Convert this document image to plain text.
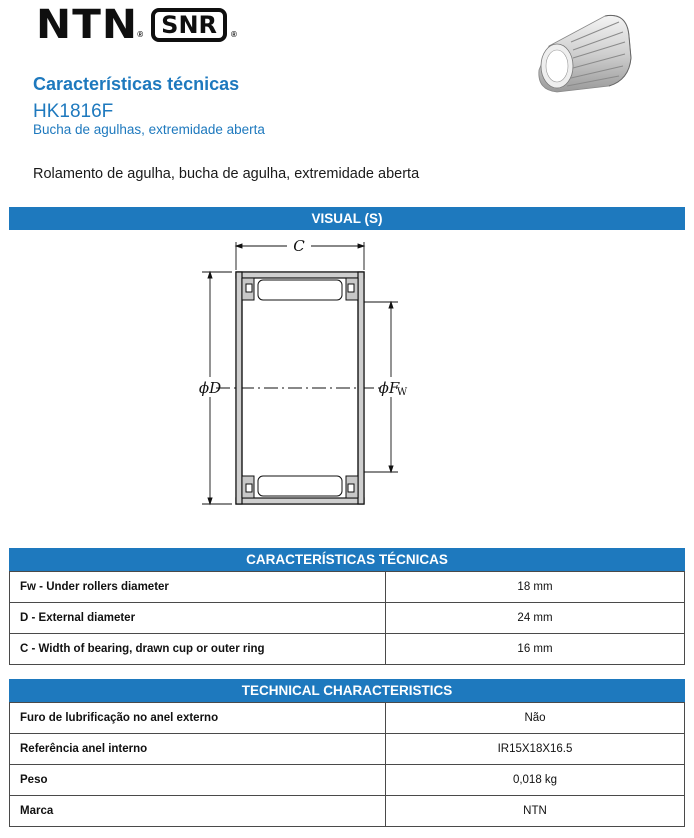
NTN ® SNR ®
Características técnicas
HK1816F
Bucha de agulhas, extremidade aberta
Rolamento de agulha, bucha de agulha, extremidade aberta
VISUAL (S)
C
ϕD	ϕF
W
CARACTERÍSTICAS TÉCNICAS
Fw - Under rollers diameter	18 mm
D - External diameter	24 mm
C - Width of bearing, drawn cup or outer ring	16 mm
TECHNICAL CHARACTERISTICS
Furo de lubrificação no anel externo	Não
Referência anel interno	IR15X18X16.5
Peso	0,018 kg
Marca	NTN
